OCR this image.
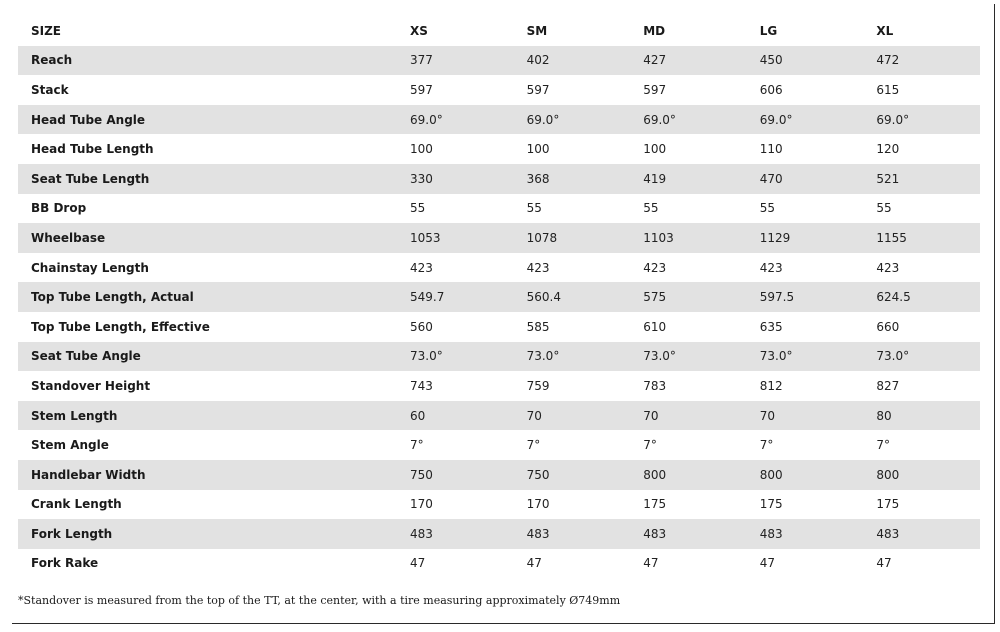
SIZE	XS	SM	MD	LG	XL
Reach	377	402	427	450	472
Stack	597	597	597	606	615
Head Tube Angle	69.0°	69.0°	69.0°	69.0°	69.0°
Head Tube Length	100	100	100	110	120
Seat Tube Length	330	368	419	470	521
BB Drop	55	55	55	55	55
Wheelbase	1053	1078	1103	1129	1155
Chainstay Length	423	423	423	423	423
Top Tube Length, Actual	549.7	560.4	575	597.5	624.5
Top Tube Length, Effective	560	585	610	635	660
Seat Tube Angle	73.0°	73.0°	73.0°	73.0°	73.0°
Standover Height	743	759	783	812	827
Stem Length	60	70	70	70	80
Stem Angle	7°	7°	7°	7°	7°
Handlebar Width	750	750	800	800	800
Crank Length	170	170	175	175	175
Fork Length	483	483	483	483	483
Fork Rake	47	47	47	47	47
*Standover is measured from the top of the TT, at the center, with a tire measuring approximately Ø749mm
